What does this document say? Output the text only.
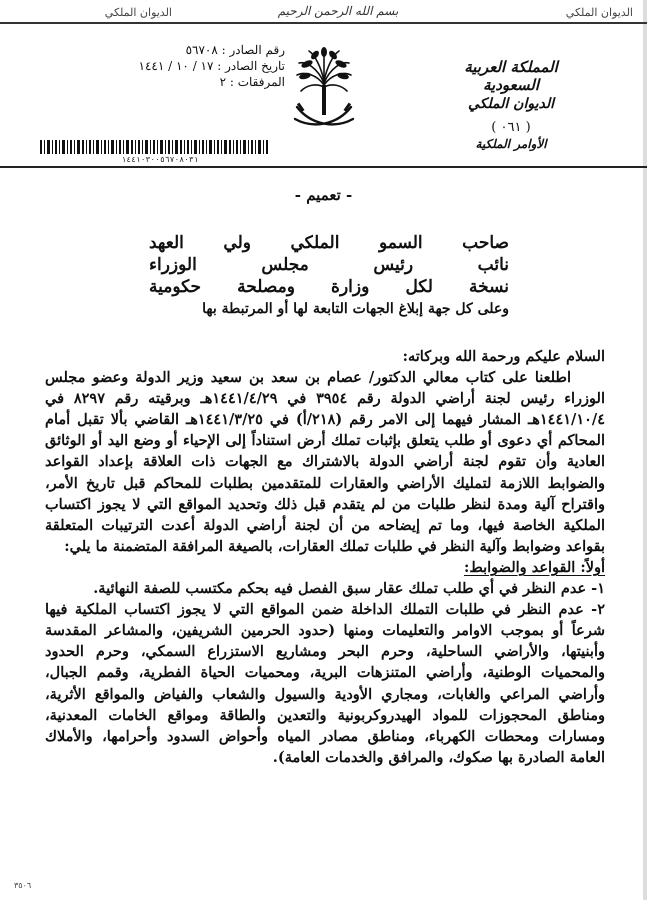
الديوان الملكي	بسم الله الرحمن الرحيم	الديوان الملكي
رقم الصادر : ٥٦٧٠٨
تاريخ الصادر : ١٧ / ١٠ / ١٤٤١
المرفقات : ٢
المملكة العربية السعودية
الديوان الملكي
( ٠٦١ )
الأوامر الملكية
١٤٤١٠٣٠٠٥٦٧٠٨٠٣١
- تعميم -
صاحب السمو الملكي ولي العهد
نائب رئيس مجلس الوزراء
نسخة لكل وزارة ومصلحة حكومية
وعلى كل جهة إبلاغ الجهات التابعة لها أو المرتبطة بها

السلام عليكم ورحمة الله وبركاته:

اطلعنا على كتاب معالي الدكتور/ عصام بن سعد بن سعيد وزير الدولة وعضو مجلس الوزراء رئيس لجنة أراضي الدولة رقم ٣٩٥٤ في ١٤٤١/٤/٢٩هـ وبرقيته رقم ٨٢٩٧ في ١٤٤١/١٠/٤هـ المشار فيهما إلى الامر رقم (٢١٨/أ) في ١٤٤١/٣/٢٥هـ القاضي بألا تقبل أمام المحاكم أي دعوى أو طلب يتعلق بإثبات تملك أرض استناداً إلى الإحياء أو وضع اليد أو الوثائق العادية وأن تقوم لجنة أراضي الدولة بالاشتراك مع الجهات ذات العلاقة بإعداد القواعد والضوابط اللازمة لتمليك الأراضي والعقارات للمتقدمين بطلبات للمحاكم قبل تاريخ الأمر، واقتراح آلية ومدة لنظر طلبات من لم يتقدم قبل ذلك وتحديد المواقع التي لا يجوز اكتساب الملكية الخاصة فيها، وما تم إيضاحه من أن لجنة أراضي الدولة أعدت الترتيبات المتعلقة بقواعد وضوابط وآلية النظر في طلبات تملك العقارات، بالصيغة المرافقة المتضمنة ما يلي:

أولاً: القواعد والضوابط:

١- عدم النظر في أي طلب تملك عقار سبق الفصل فيه بحكم مكتسب للصفة النهائية.

٢- عدم النظر في طلبات التملك الداخلة ضمن المواقع التي لا يجوز اكتساب الملكية فيها شرعاً أو بموجب الاوامر والتعليمات ومنها (حدود الحرمين الشريفين، والمشاعر المقدسة وأبنيتها، والأراضي الساحلية، وحرم البحر ومشاريع الاستزراع السمكي، وحرم الحدود والمحميات الوطنية، وأراضي المتنزهات البرية، ومحميات الحياة الفطرية، وقمم الجبال، وأراضي المراعي والغابات، ومجاري الأودية والسيول والشعاب والفياض والمواقع الأثرية، ومناطق المحجوزات للمواد الهيدروكربونية والتعدين والطاقة ومواقع الخامات المعدنية، ومسارات ومحطات الكهرباء، ومناطق مصادر المياه وأحواض السدود وأحرامها، والأملاك العامة الصادرة بها صكوك، والمرافق والخدمات العامة).

٣٥٠٦
